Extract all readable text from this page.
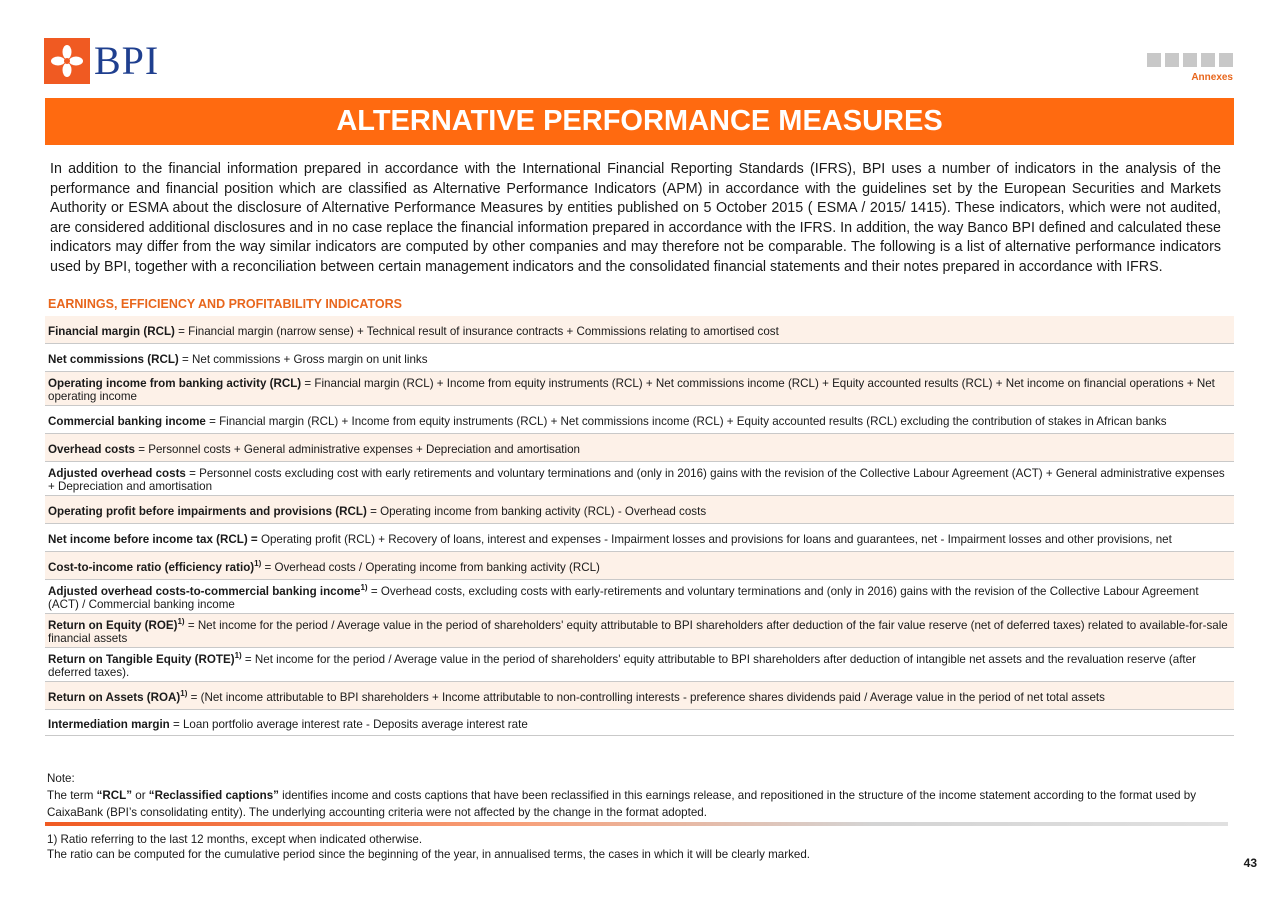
BPI	Annexes
ALTERNATIVE PERFORMANCE MEASURES
In addition to the financial information prepared in accordance with the International Financial Reporting Standards (IFRS), BPI uses a number of indicators in the analysis of the performance and financial position which are classified as Alternative Performance Indicators (APM) in accordance with the guidelines set by the European Securities and Markets Authority or ESMA about the disclosure of Alternative Performance Measures by entities published on 5 October 2015 ( ESMA / 2015/ 1415). These indicators, which were not audited, are considered additional disclosures and in no case replace the financial information prepared in accordance with the IFRS. In addition, the way Banco BPI defined and calculated these indicators may differ from the way similar indicators are computed by other companies and may therefore not be comparable. The following is a list of alternative performance indicators used by BPI, together with a reconciliation between certain management indicators and the consolidated financial statements and their notes prepared in accordance with IFRS.
EARNINGS, EFFICIENCY AND PROFITABILITY INDICATORS
Financial margin (RCL) = Financial margin (narrow sense) + Technical result of insurance contracts + Commissions relating to amortised cost
Net commissions (RCL) = Net commissions + Gross margin on unit links
Operating income from banking activity (RCL) = Financial margin (RCL) + Income from equity instruments (RCL) + Net commissions income (RCL) + Equity accounted results (RCL) + Net income on financial operations + Net operating income
Commercial banking income = Financial margin (RCL) + Income from equity instruments (RCL) + Net commissions income (RCL) + Equity accounted results (RCL) excluding the contribution of stakes in African banks
Overhead costs = Personnel costs + General administrative expenses + Depreciation and amortisation
Adjusted overhead costs = Personnel costs excluding cost with early retirements and voluntary terminations and (only in 2016) gains with the revision of the Collective Labour Agreement (ACT) + General administrative expenses + Depreciation and amortisation
Operating profit before impairments and provisions (RCL) = Operating income from banking activity (RCL) - Overhead costs
Net income before income tax (RCL) = Operating profit (RCL) + Recovery of loans, interest and expenses - Impairment losses and provisions for loans and guarantees, net - Impairment losses and other provisions, net
Cost-to-income ratio (efficiency ratio)$^{1)}$ = Overhead costs / Operating income from banking activity (RCL)
Adjusted overhead costs-to-commercial banking income$^{1)}$ = Overhead costs, excluding costs with early-retirements and voluntary terminations and (only in 2016) gains with the revision of the Collective Labour Agreement (ACT) / Commercial banking income
Return on Equity (ROE)$^{1)}$ = Net income for the period / Average value in the period of shareholders' equity attributable to BPI shareholders after deduction of the fair value reserve (net of deferred taxes) related to available-for-sale financial assets
Return on Tangible Equity (ROTE)$^{1)}$ = Net income for the period / Average value in the period of shareholders' equity attributable to BPI shareholders after deduction of intangible net assets and the revaluation reserve (after deferred taxes).
Return on Assets (ROA)$^{1)}$ = (Net income attributable to BPI shareholders + Income attributable to non-controlling interests - preference shares dividends paid / Average value in the period of net total assets
Intermediation margin = Loan portfolio average interest rate - Deposits average interest rate
Note:
The term “RCL” or “Reclassified captions” identifies income and costs captions that have been reclassified in this earnings release, and repositioned in the structure of the income statement according to the format used by CaixaBank (BPI’s consolidating entity). The underlying accounting criteria were not affected by the change in the format adopted.
1) Ratio referring to the last 12 months, except when indicated otherwise.
The ratio can be computed for the cumulative period since the beginning of the year, in annualised terms, the cases in which it will be clearly marked.
43
